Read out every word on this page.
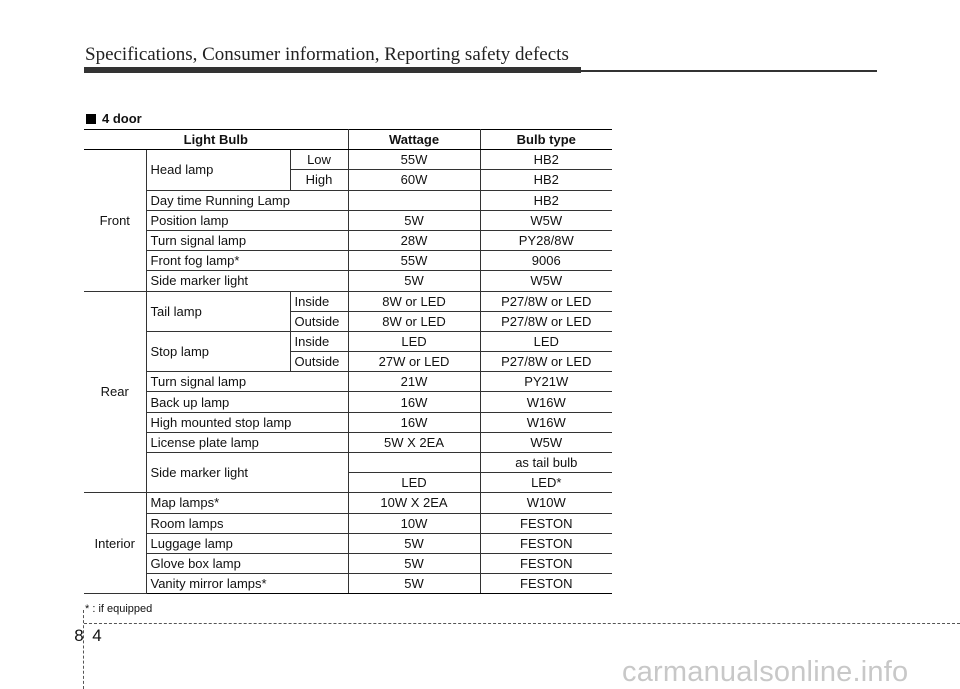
Specifications, Consumer information, Reporting safety defects
4 door
Light Bulb			Wattage	Bulb type
Front	Head lamp	Low	55W	HB2
		High	60W	HB2
	Day time Running Lamp			HB2
	Position lamp		5W	W5W
	Turn signal lamp		28W	PY28/8W
	Front fog lamp*		55W	9006
	Side marker light		5W	W5W
Rear	Tail lamp	Inside	8W or LED	P27/8W or LED
		Outside	8W or LED	P27/8W or LED
	Stop lamp	Inside	LED	LED
		Outside	27W or LED	P27/8W or LED
	Turn signal lamp		21W	PY21W
	Back up lamp		16W	W16W
	High mounted stop lamp		16W	W16W
	License plate lamp		5W X 2EA	W5W
	Side marker light			as tail bulb
			LED	LED*
Interior	Map lamps*		10W X 2EA	W10W
	Room lamps		10W	FESTON
	Luggage lamp		5W	FESTON
	Glove box lamp		5W	FESTON
	Vanity mirror lamps*		5W	FESTON
* : if equipped
8 4
carmanualsonline.info
